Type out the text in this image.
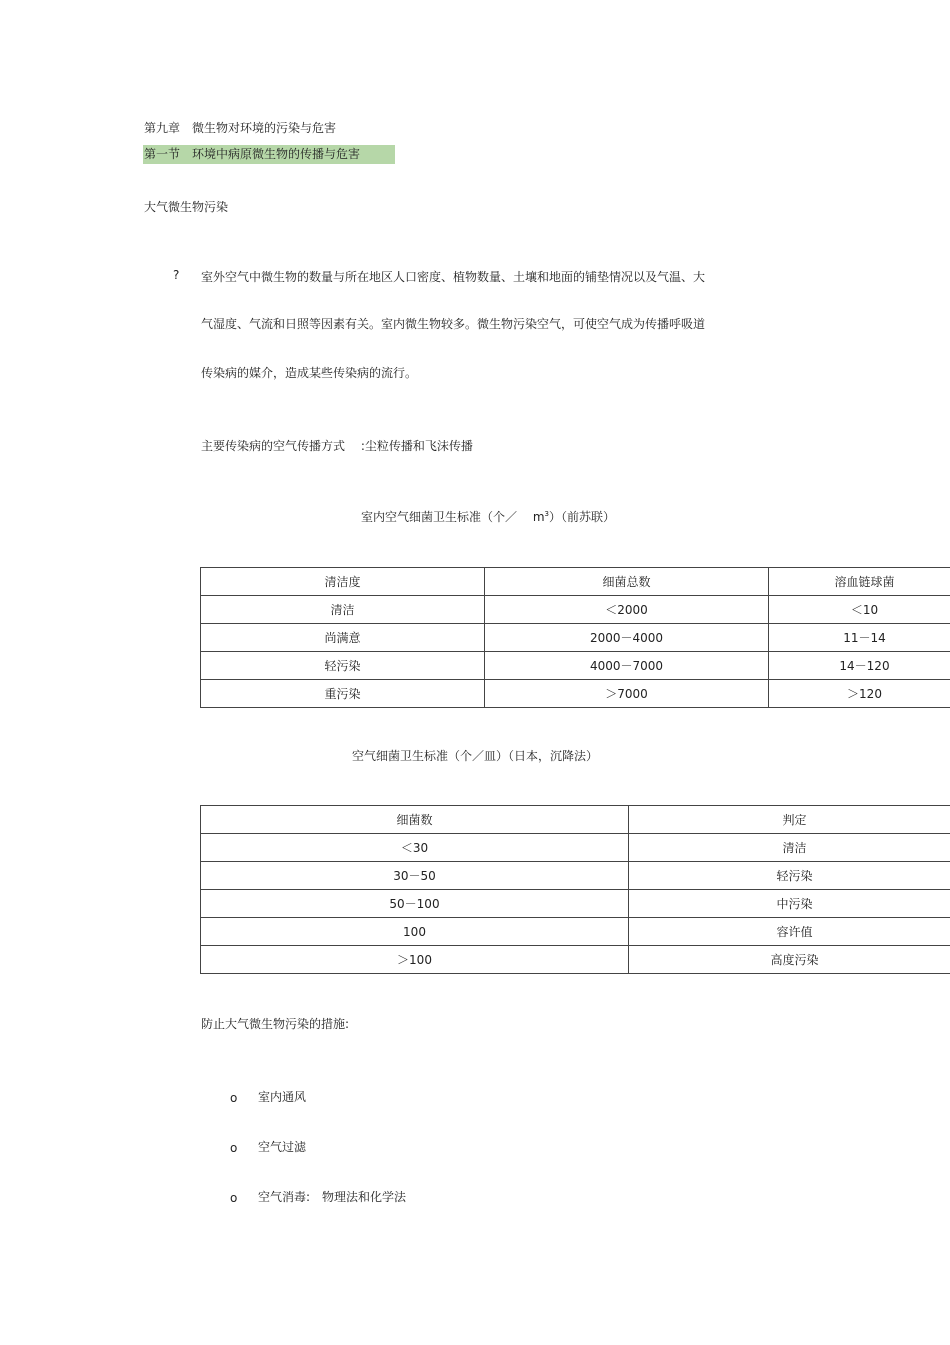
第九章　微生物对环境的污染与危害
第一节　环境中病原微生物的传播与危害
大气微生物污染
? 室外空气中微生物的数量与所在地区人口密度、植物数量、土壤和地面的铺垫情况以及气温、大
气湿度、气流和日照等因素有关。室内微生物较多。微生物污染空气，可使空气成为传播呼吸道
传染病的媒介，造成某些传染病的流行。
主要传染病的空气传播方式　 :尘粒传播和飞沫传播
室内空气细菌卫生标准（个／　 $m^3$）（前苏联）
清洁度	细菌总数	溶血链球菌
清洁	＜2000	＜10
尚满意	2000－4000	11－14
轻污染	4000－7000	14－120
重污染	＞7000	＞120
空气细菌卫生标准（个／皿）（日本，沉降法）
细菌数	判定
＜30	清洁
30－50	轻污染
50－100	中污染
100	容许值
＞100	高度污染
防止大气微生物污染的措施:
o 室内通风
o 空气过滤
o 空气消毒:　物理法和化学法
